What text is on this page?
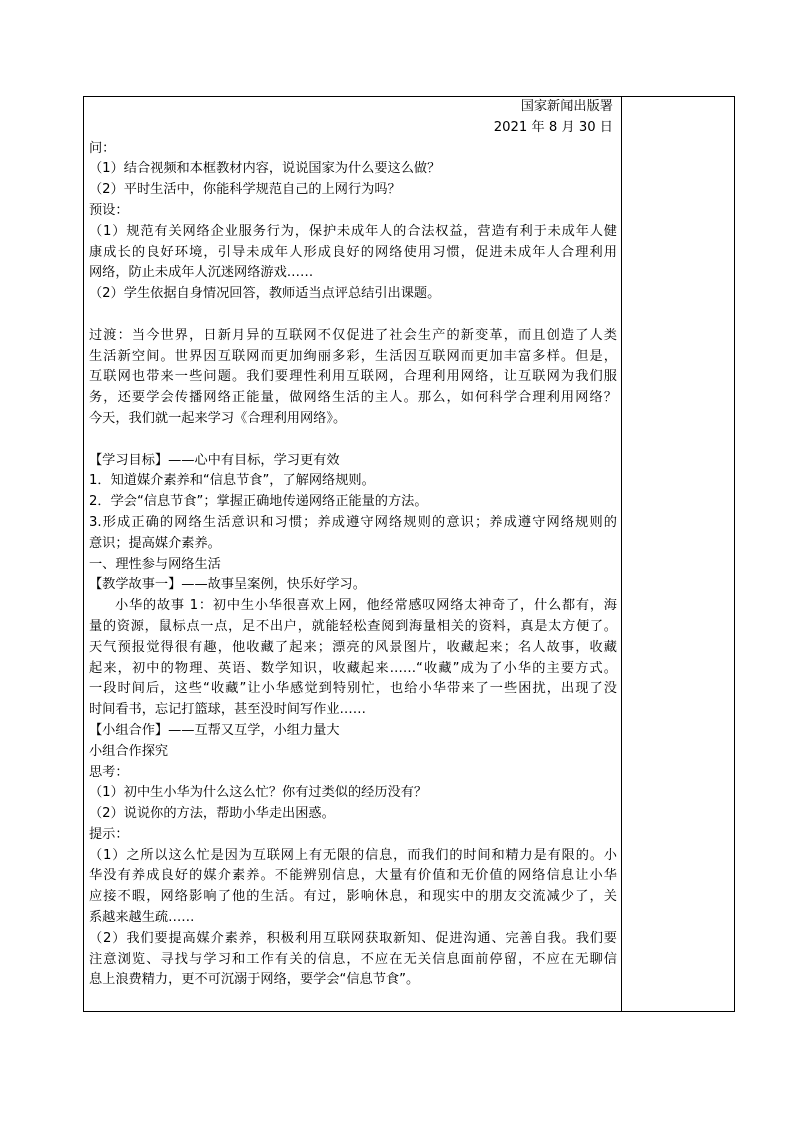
国家新闻出版署
2021 年 8 月 30 日
问：
（1）结合视频和本框教材内容，说说国家为什么要这么做？
（2）平时生活中，你能科学规范自己的上网行为吗？
预设：
（1）规范有关网络企业服务行为，保护未成年人的合法权益，营造有利于未成年人健
康成长的良好环境，引导未成年人形成良好的网络使用习惯，促进未成年人合理利用
网络，防止未成年人沉迷网络游戏……
（2）学生依据自身情况回答，教师适当点评总结引出课题。
过渡：当今世界，日新月异的互联网不仅促进了社会生产的新变革，而且创造了人类
生活新空间。世界因互联网而更加绚丽多彩，生活因互联网而更加丰富多样。但是，
互联网也带来一些问题。我们要理性利用互联网，合理利用网络，让互联网为我们服
务，还要学会传播网络正能量，做网络生活的主人。那么，如何科学合理利用网络？
今天，我们就一起来学习《合理利用网络》。
【学习目标】——心中有目标，学习更有效
1．知道媒介素养和“信息节食”，了解网络规则。
2．学会“信息节食”；掌握正确地传递网络正能量的方法。
3.形成正确的网络生活意识和习惯；养成遵守网络规则的意识；养成遵守网络规则的
意识；提高媒介素养。
一、理性参与网络生活
【教学故事一】——故事呈案例，快乐好学习。
小华的故事 1：初中生小华很喜欢上网，他经常感叹网络太神奇了，什么都有，海
量的资源，鼠标点一点，足不出户，就能轻松查阅到海量相关的资料，真是太方便了。
天气预报觉得很有趣，他收藏了起来；漂亮的风景图片，收藏起来；名人故事，收藏
起来，初中的物理、英语、数学知识，收藏起来……“收藏”成为了小华的主要方式。
一段时间后，这些“收藏”让小华感觉到特别忙，也给小华带来了一些困扰，出现了没
时间看书，忘记打篮球，甚至没时间写作业……
【小组合作】——互帮又互学，小组力量大
小组合作探究
思考：
（1）初中生小华为什么这么忙？你有过类似的经历没有？
（2）说说你的方法，帮助小华走出困惑。
提示：
（1）之所以这么忙是因为互联网上有无限的信息，而我们的时间和精力是有限的。小
华没有养成良好的媒介素养。不能辨别信息，大量有价值和无价值的网络信息让小华
应接不暇，网络影响了他的生活。有过，影响休息，和现实中的朋友交流减少了，关
系越来越生疏……
（2）我们要提高媒介素养，积极利用互联网获取新知、促进沟通、完善自我。我们要
注意浏览、寻找与学习和工作有关的信息，不应在无关信息面前停留，不应在无聊信
息上浪费精力，更不可沉溺于网络，要学会“信息节食”。
